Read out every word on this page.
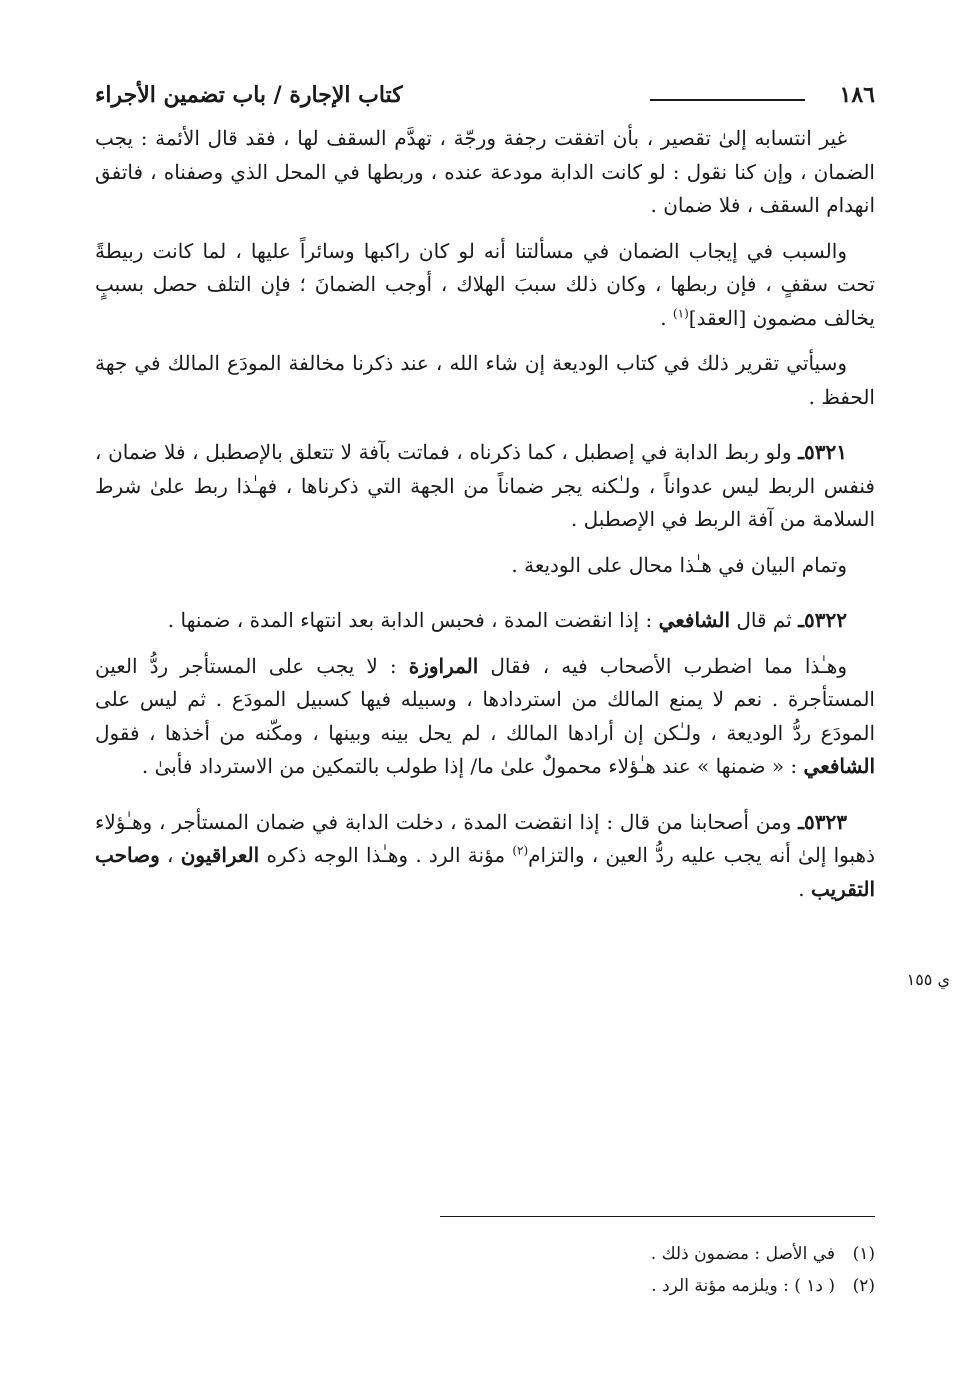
١٨٦
كتاب الإجارة / باب تضمين الأجراء

غير انتسابه إلىٰ تقصير ، بأن اتفقت رجفة ورجّة ، تهدَّم السقف لها ، فقد قال الأئمة : يجب الضمان ، وإن كنا نقول : لو كانت الدابة مودعة عنده ، وربطها في المحل الذي وصفناه ، فاتفق انهدام السقف ، فلا ضمان .

والسبب في إيجاب الضمان في مسألتنا أنه لو كان راكبها وسائراً عليها ، لما كانت ربيطةً تحت سقفٍ ، فإن ربطها ، وكان ذلك سببَ الهلاك ، أوجب الضمانَ ؛ فإن التلف حصل بسببٍ يخالف مضمون [العقد]$^{(١)}$ .

وسيأتي تقرير ذلك في كتاب الوديعة إن شاء الله ، عند ذكرنا مخالفة المودَع المالك في جهة الحفظ .

٥٣٢١ـ ولو ربط الدابة في إصطبل ، كما ذكرناه ، فماتت بآفة لا تتعلق بالإصطبل ، فلا ضمان ، فنفس الربط ليس عدواناً ، ولـٰكنه يجر ضماناً من الجهة التي ذكرناها ، فهـٰذا ربط علىٰ شرط السلامة من آفة الربط في الإصطبل .

وتمام البيان في هـٰذا محال على الوديعة .

٥٣٢٢ـ ثم قال الشافعي : إذا انقضت المدة ، فحبس الدابة بعد انتهاء المدة ، ضمنها .

وهـٰذا مما اضطرب الأصحاب فيه ، فقال المراوزة : لا يجب على المستأجر ردُّ العين المستأجرة . نعم لا يمنع المالك من استردادها ، وسبيله فيها كسبيل المودَع . ثم ليس على المودَع ردُّ الوديعة ، ولـٰكن إن أرادها المالك ، لم يحل بينه وبينها ، ومكّنه من أخذها ، فقول الشافعي : « ضمنها » عند هـٰؤلاء محمولٌ علىٰ ما/ إذا طولب بالتمكين من الاسترداد فأبىٰ .

٥٣٢٣ـ ومن أصحابنا من قال : إذا انقضت المدة ، دخلت الدابة في ضمان المستأجر ، وهـٰؤلاء ذهبوا إلىٰ أنه يجب عليه ردُّ العين ، والتزام$^{(٢)}$ مؤنة الرد . وهـٰذا الوجه ذكره العراقيون ، وصاحب التقريب .

ي ١٥٥

(١)في الأصل : مضمون ذلك .

(٢)( د١ ) : ويلزمه مؤنة الرد .
